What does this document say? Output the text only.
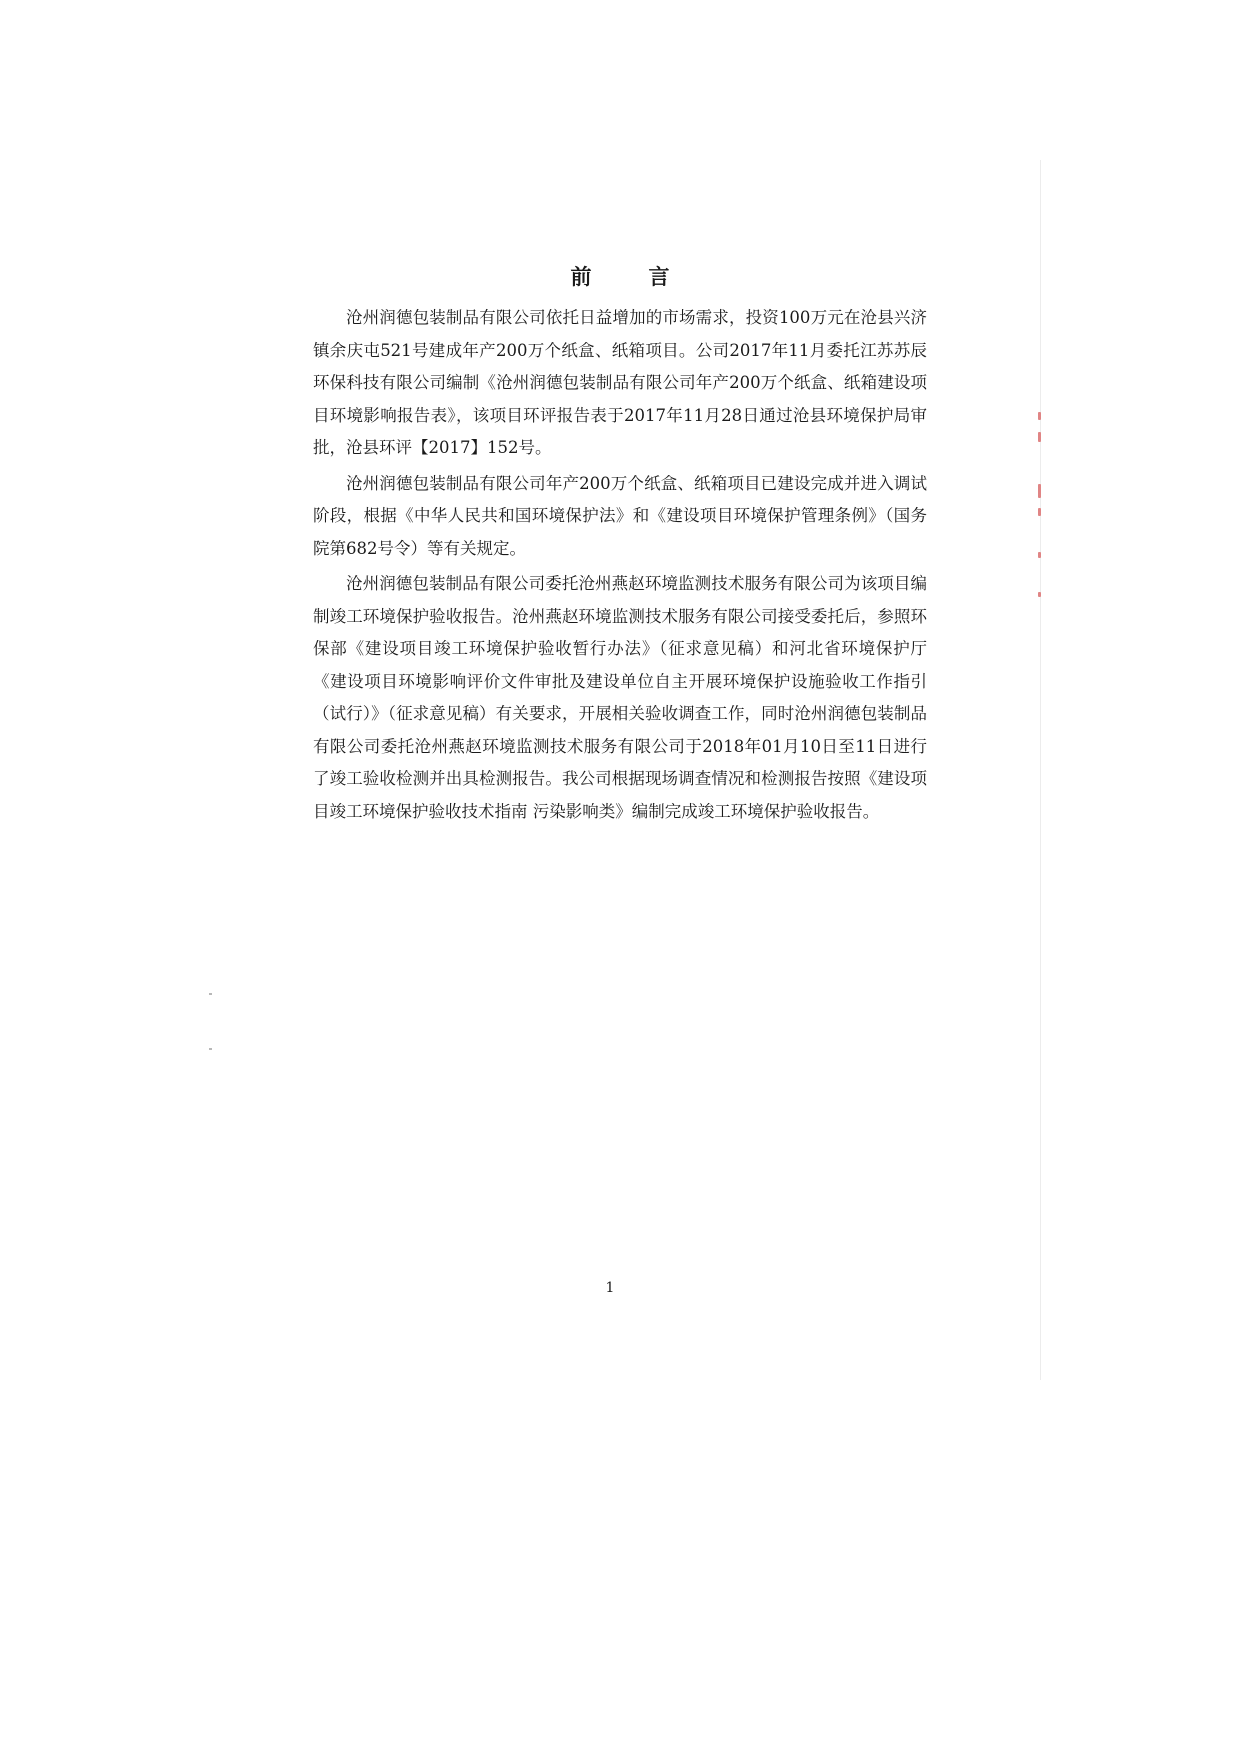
前　言

沧州润德包装制品有限公司依托日益增加的市场需求，投资100万元在沧县兴济镇余庆屯521号建成年产200万个纸盒、纸箱项目。公司2017年11月委托江苏苏辰环保科技有限公司编制《沧州润德包装制品有限公司年产200万个纸盒、纸箱建设项目环境影响报告表》，该项目环评报告表于2017年11月28日通过沧县环境保护局审批，沧县环评【2017】152号。

沧州润德包装制品有限公司年产200万个纸盒、纸箱项目已建设完成并进入调试阶段，根据《中华人民共和国环境保护法》和《建设项目环境保护管理条例》（国务院第682号令）等有关规定。

沧州润德包装制品有限公司委托沧州燕赵环境监测技术服务有限公司为该项目编制竣工环境保护验收报告。沧州燕赵环境监测技术服务有限公司接受委托后，参照环保部《建设项目竣工环境保护验收暂行办法》（征求意见稿）和河北省环境保护厅《建设项目环境影响评价文件审批及建设单位自主开展环境保护设施验收工作指引（试行）》（征求意见稿）有关要求，开展相关验收调查工作，同时沧州润德包装制品有限公司委托沧州燕赵环境监测技术服务有限公司于2018年01月10日至11日进行了竣工验收检测并出具检测报告。我公司根据现场调查情况和检测报告按照《建设项目竣工环境保护验收技术指南 污染影响类》编制完成竣工环境保护验收报告。

1
